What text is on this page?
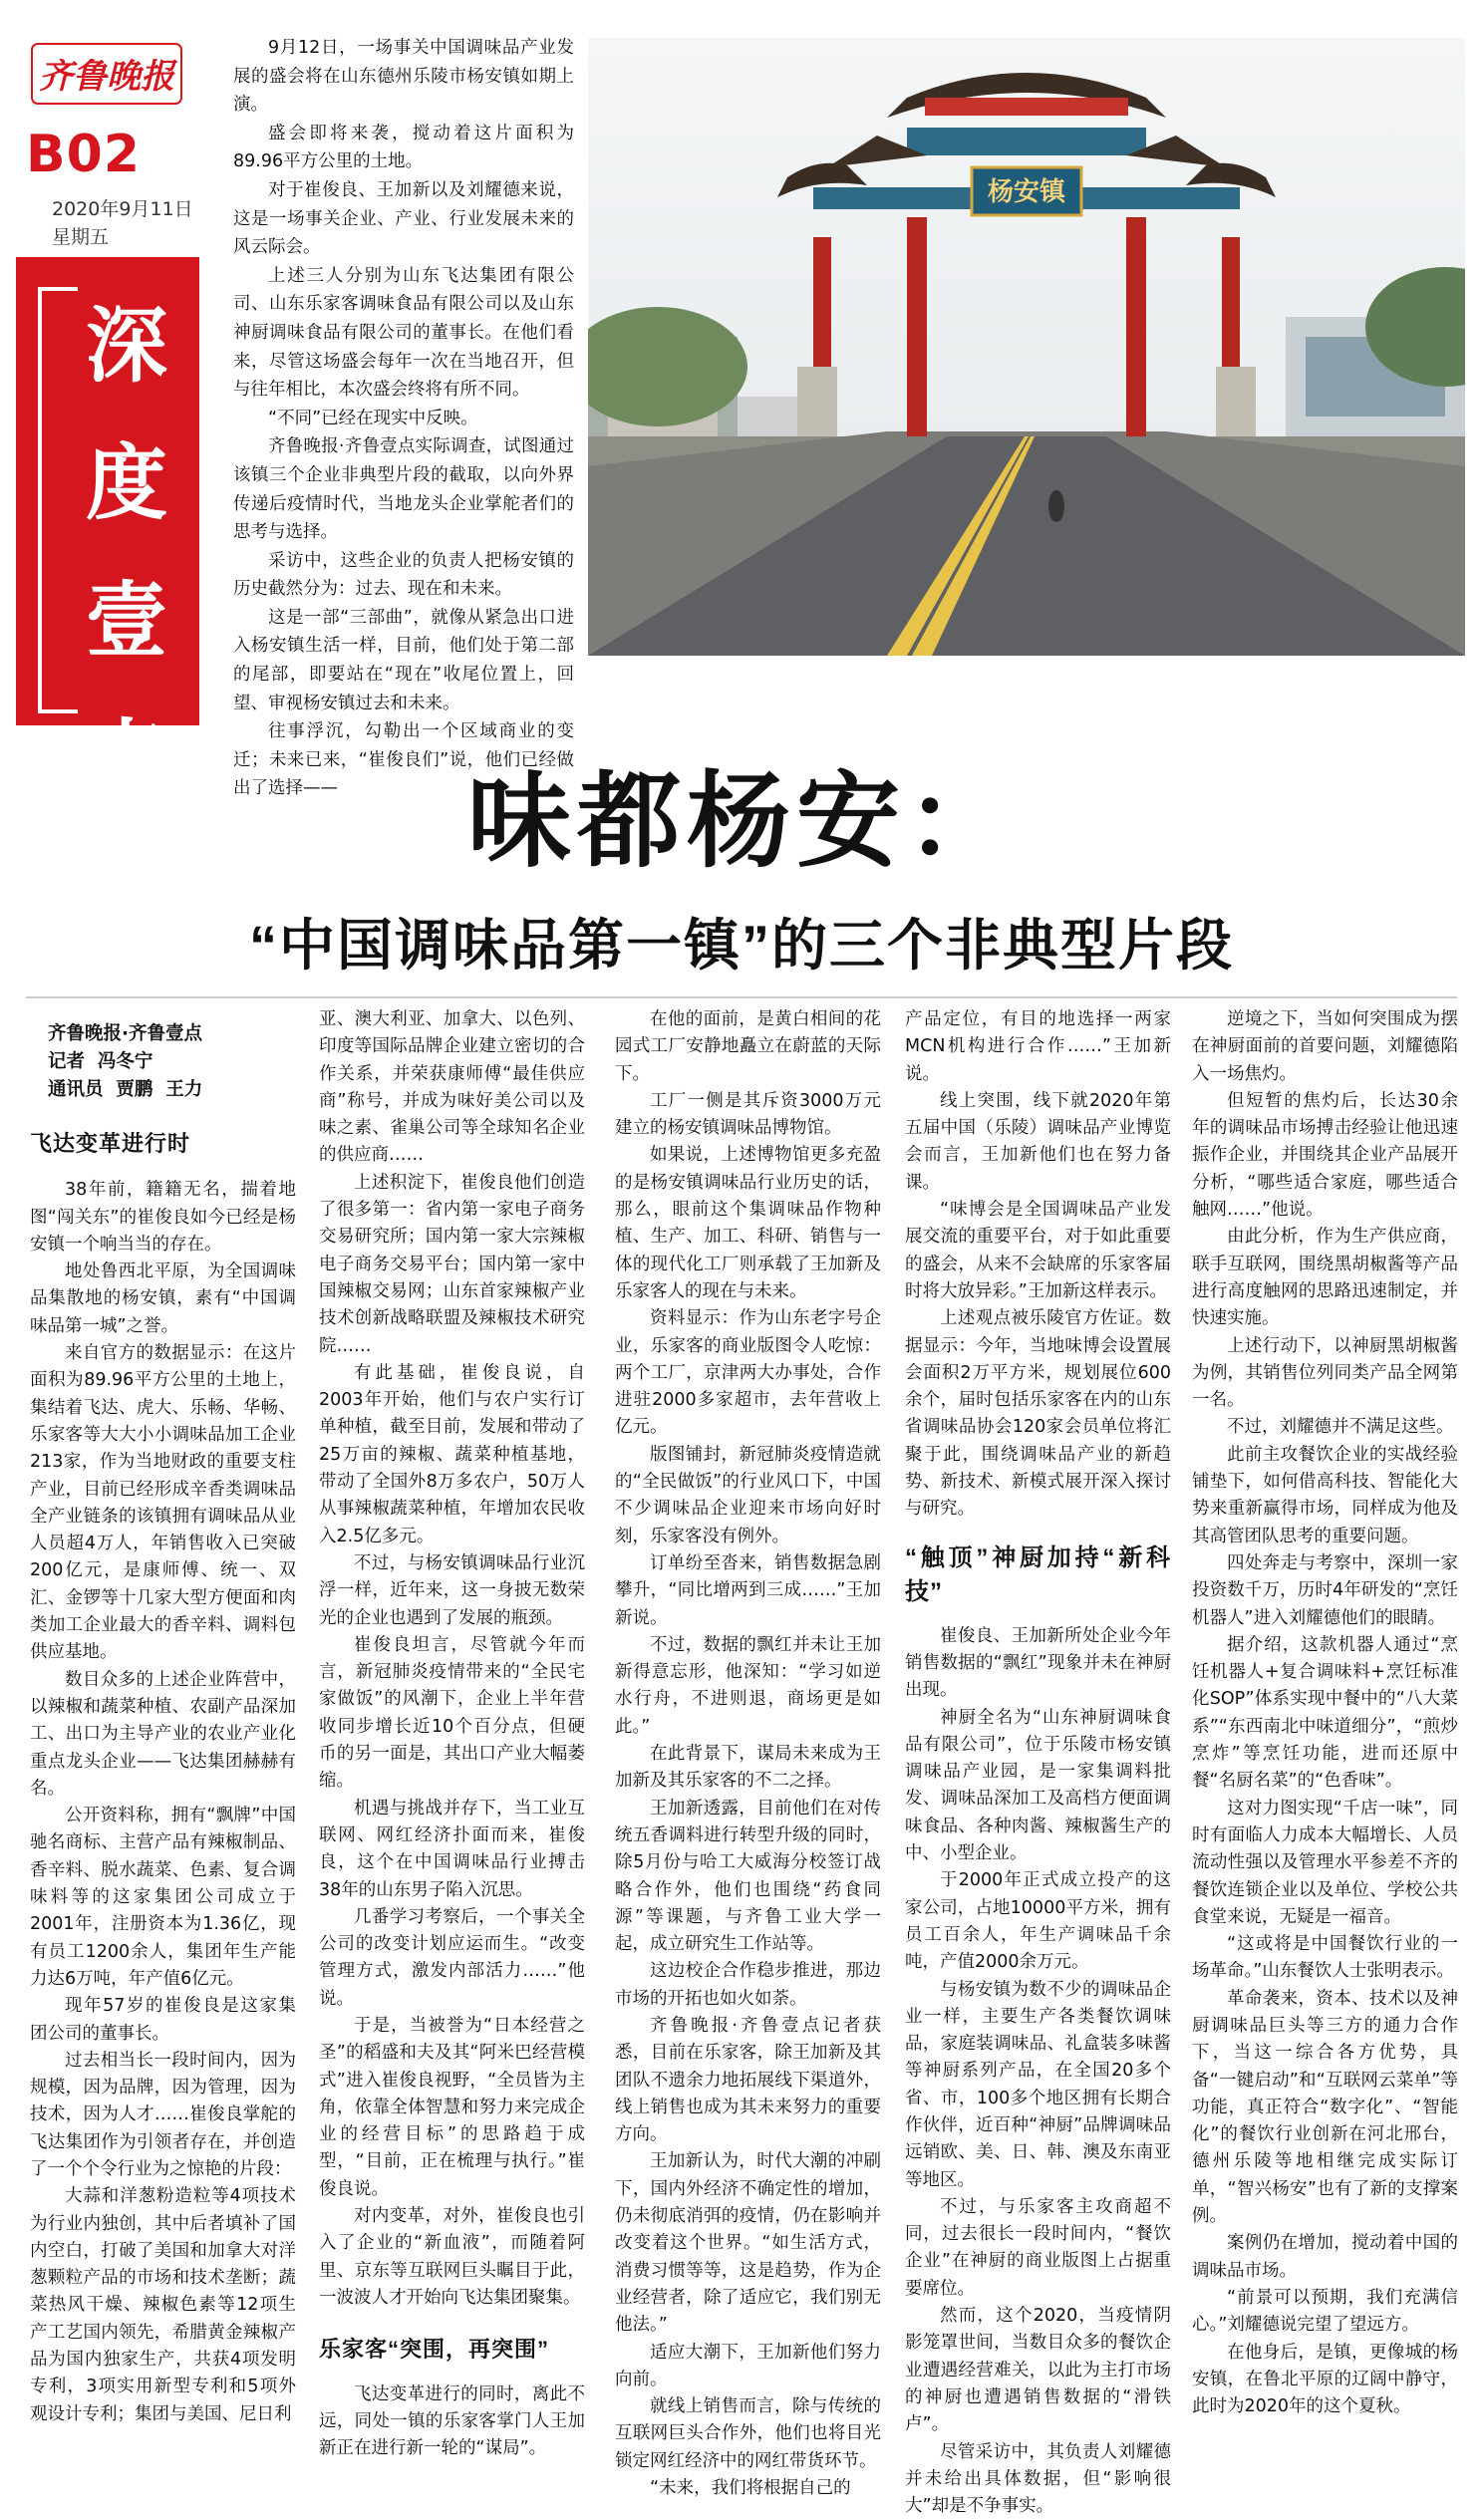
齐鲁晚报
B02
2020年9月11日
星期五
深
度
壹
点

9月12日，一场事关中国调味品产业发展的盛会将在山东德州乐陵市杨安镇如期上演。

盛会即将来袭，搅动着这片面积为89.96平方公里的土地。

对于崔俊良、王加新以及刘耀德来说，这是一场事关企业、产业、行业发展未来的风云际会。

上述三人分别为山东飞达集团有限公司、山东乐家客调味食品有限公司以及山东神厨调味食品有限公司的董事长。在他们看来，尽管这场盛会每年一次在当地召开，但与往年相比，本次盛会终将有所不同。

“不同”已经在现实中反映。

齐鲁晚报·齐鲁壹点实际调查，试图通过该镇三个企业非典型片段的截取，以向外界传递后疫情时代，当地龙头企业掌舵者们的思考与选择。

采访中，这些企业的负责人把杨安镇的历史截然分为：过去、现在和未来。

这是一部“三部曲”，就像从紧急出口进入杨安镇生活一样，目前，他们处于第二部的尾部，即要站在“现在”收尾位置上，回望、审视杨安镇过去和未来。

往事浮沉，勾勒出一个区域商业的变迁；未来已来，“崔俊良们”说，他们已经做出了选择——

杨安镇
味都杨安：
“中国调味品第一镇”的三个非典型片段
齐鲁晚报·齐鲁壹点
记者  冯冬宁
通讯员  贾鹏  王力
飞达变革进行时

38年前，籍籍无名，揣着地图“闯关东”的崔俊良如今已经是杨安镇一个响当当的存在。

地处鲁西北平原，为全国调味品集散地的杨安镇，素有“中国调味品第一城”之誉。

来自官方的数据显示：在这片面积为89.96平方公里的土地上，集结着飞达、虎大、乐畅、华畅、乐家客等大大小小调味品加工企业213家，作为当地财政的重要支柱产业，目前已经形成辛香类调味品全产业链条的该镇拥有调味品从业人员超4万人，年销售收入已突破200亿元，是康师傅、统一、双汇、金锣等十几家大型方便面和肉类加工企业最大的香辛料、调料包供应基地。

数目众多的上述企业阵营中，以辣椒和蔬菜种植、农副产品深加工、出口为主导产业的农业产业化重点龙头企业——飞达集团赫赫有名。

公开资料称，拥有“飘牌”中国驰名商标、主营产品有辣椒制品、香辛料、脱水蔬菜、色素、复合调味料等的这家集团公司成立于2001年，注册资本为1.36亿，现有员工1200余人，集团年生产能力达6万吨，年产值6亿元。

现年57岁的崔俊良是这家集团公司的董事长。

过去相当长一段时间内，因为规模，因为品牌，因为管理，因为技术，因为人才……崔俊良掌舵的飞达集团作为引领者存在，并创造了一个个令行业为之惊艳的片段：

大蒜和洋葱粉造粒等4项技术为行业内独创，其中后者填补了国内空白，打破了美国和加拿大对洋葱颗粒产品的市场和技术垄断；蔬菜热风干燥、辣椒色素等12项生产工艺国内领先，希腊黄金辣椒产品为国内独家生产，共获4项发明专利，3项实用新型专利和5项外观设计专利；集团与美国、尼日利

亚、澳大利亚、加拿大、以色列、印度等国际品牌企业建立密切的合作关系，并荣获康师傅“最佳供应商”称号，并成为味好美公司以及味之素、雀巢公司等全球知名企业的供应商……

上述积淀下，崔俊良他们创造了很多第一：省内第一家电子商务交易研究所；国内第一家大宗辣椒电子商务交易平台；国内第一家中国辣椒交易网；山东首家辣椒产业技术创新战略联盟及辣椒技术研究院……

有此基础，崔俊良说，自2003年开始，他们与农户实行订单种植，截至目前，发展和带动了25万亩的辣椒、蔬菜种植基地，带动了全国外8万多农户，50万人从事辣椒蔬菜种植，年增加农民收入2.5亿多元。

不过，与杨安镇调味品行业沉浮一样，近年来，这一身披无数荣光的企业也遇到了发展的瓶颈。

崔俊良坦言，尽管就今年而言，新冠肺炎疫情带来的“全民宅家做饭”的风潮下，企业上半年营收同步增长近10个百分点，但硬币的另一面是，其出口产业大幅萎缩。

机遇与挑战并存下，当工业互联网、网红经济扑面而来，崔俊良，这个在中国调味品行业搏击38年的山东男子陷入沉思。

几番学习考察后，一个事关全公司的改变计划应运而生。“改变管理方式，激发内部活力……”他说。

于是，当被誉为“日本经营之圣”的稻盛和夫及其“阿米巴经营模式”进入崔俊良视野，“全员皆为主角，依靠全体智慧和努力来完成企业的经营目标”的思路趋于成型，“目前，正在梳理与执行。”崔俊良说。

对内变革，对外，崔俊良也引入了企业的“新血液”，而随着阿里、京东等互联网巨头瞩目于此，一波波人才开始向飞达集团聚集。

乐家客“突围，再突围”

飞达变革进行的同时，离此不远，同处一镇的乐家客掌门人王加新正在进行新一轮的“谋局”。

在他的面前，是黄白相间的花园式工厂安静地矗立在蔚蓝的天际下。

工厂一侧是其斥资3000万元建立的杨安镇调味品博物馆。

如果说，上述博物馆更多充盈的是杨安镇调味品行业历史的话，那么，眼前这个集调味品作物种植、生产、加工、科研、销售与一体的现代化工厂则承载了王加新及乐家客人的现在与未来。

资料显示：作为山东老字号企业，乐家客的商业版图令人吃惊：两个工厂，京津两大办事处，合作进驻2000多家超市，去年营收上亿元。

版图铺封，新冠肺炎疫情造就的“全民做饭”的行业风口下，中国不少调味品企业迎来市场向好时刻，乐家客没有例外。

订单纷至沓来，销售数据急剧攀升，“同比增两到三成……”王加新说。

不过，数据的飘红并未让王加新得意忘形，他深知：“学习如逆水行舟，不进则退，商场更是如此。”

在此背景下，谋局未来成为王加新及其乐家客的不二之择。

王加新透露，目前他们在对传统五香调料进行转型升级的同时，除5月份与哈工大威海分校签订战略合作外，他们也围绕“药食同源”等课题，与齐鲁工业大学一起，成立研究生工作站等。

这边校企合作稳步推进，那边市场的开拓也如火如荼。

齐鲁晚报·齐鲁壹点记者获悉，目前在乐家客，除王加新及其团队不遗余力地拓展线下渠道外，线上销售也成为其未来努力的重要方向。

王加新认为，时代大潮的冲刷下，国内外经济不确定性的增加，仍未彻底消弭的疫情，仍在影响并改变着这个世界。“如生活方式，消费习惯等等，这是趋势，作为企业经营者，除了适应它，我们别无他法。”

适应大潮下，王加新他们努力向前。

就线上销售而言，除与传统的互联网巨头合作外，他们也将目光锁定网红经济中的网红带货环节。

“未来，我们将根据自己的

产品定位，有目的地选择一两家MCN机构进行合作……”王加新说。

线上突围，线下就2020年第五届中国（乐陵）调味品产业博览会而言，王加新他们也在努力备课。

“味博会是全国调味品产业发展交流的重要平台，对于如此重要的盛会，从来不会缺席的乐家客届时将大放异彩。”王加新这样表示。

上述观点被乐陵官方佐证。数据显示：今年，当地味博会设置展会面积2万平方米，规划展位600余个，届时包括乐家客在内的山东省调味品协会120家会员单位将汇聚于此，围绕调味品产业的新趋势、新技术、新模式展开深入探讨与研究。

“触顶”神厨加持“新科技”

崔俊良、王加新所处企业今年销售数据的“飘红”现象并未在神厨出现。

神厨全名为“山东神厨调味食品有限公司”，位于乐陵市杨安镇调味品产业园，是一家集调料批发、调味品深加工及高档方便面调味食品、各种肉酱、辣椒酱生产的中、小型企业。

于2000年正式成立投产的这家公司，占地10000平方米，拥有员工百余人，年生产调味品千余吨，产值2000余万元。

与杨安镇为数不少的调味品企业一样，主要生产各类餐饮调味品，家庭装调味品、礼盒装多味酱等神厨系列产品，在全国20多个省、市，100多个地区拥有长期合作伙伴，近百种“神厨”品牌调味品远销欧、美、日、韩、澳及东南亚等地区。

不过，与乐家客主攻商超不同，过去很长一段时间内，“餐饮企业”在神厨的商业版图上占据重要席位。

然而，这个2020，当疫情阴影笼罩世间，当数目众多的餐饮企业遭遇经营难关，以此为主打市场的神厨也遭遇销售数据的“滑铁卢”。

尽管采访中，其负责人刘耀德并未给出具体数据，但“影响很大”却是不争事实。

逆境之下，当如何突围成为摆在神厨面前的首要问题，刘耀德陷入一场焦灼。

但短暂的焦灼后，长达30余年的调味品市场搏击经验让他迅速振作企业，并围绕其企业产品展开分析，“哪些适合家庭，哪些适合触网……”他说。

由此分析，作为生产供应商，联手互联网，围绕黑胡椒酱等产品进行高度触网的思路迅速制定，并快速实施。

上述行动下，以神厨黑胡椒酱为例，其销售位列同类产品全网第一名。

不过，刘耀德并不满足这些。

此前主攻餐饮企业的实战经验铺垫下，如何借高科技、智能化大势来重新赢得市场，同样成为他及其高管团队思考的重要问题。

四处奔走与考察中，深圳一家投资数千万，历时4年研发的“烹饪机器人”进入刘耀德他们的眼睛。

据介绍，这款机器人通过“烹饪机器人+复合调味料+烹饪标准化SOP”体系实现中餐中的“八大菜系”“东西南北中味道细分”，“煎炒烹炸”等烹饪功能，进而还原中餐“名厨名菜”的“色香味”。

这对力图实现“千店一味”，同时有面临人力成本大幅增长、人员流动性强以及管理水平参差不齐的餐饮连锁企业以及单位、学校公共食堂来说，无疑是一福音。

“这或将是中国餐饮行业的一场革命。”山东餐饮人士张明表示。

革命袭来，资本、技术以及神厨调味品巨头等三方的通力合作下，当这一综合各方优势，具备“一键启动”和“互联网云菜单”等功能，真正符合“数字化”、“智能化”的餐饮行业创新在河北邢台，德州乐陵等地相继完成实际订单，“智兴杨安”也有了新的支撑案例。

案例仍在增加，搅动着中国的调味品市场。

“前景可以预期，我们充满信心。”刘耀德说完望了望远方。

在他身后，是镇，更像城的杨安镇，在鲁北平原的辽阔中静守，此时为2020年的这个夏秋。
